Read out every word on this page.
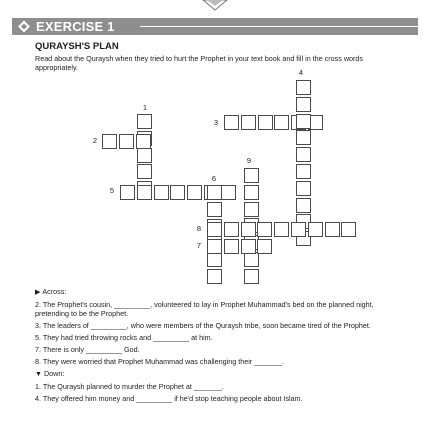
EXERCISE 1
QURAYSH'S PLAN
Read about the Quraysh when they tried to hurt the Prophet in your text book and fill in the cross words appropriately.
1
2
3
4
5
6
7
8
9
▶ Across:
2. The Prophet's cousin, _________, volunteered to lay in Prophet Muhammad's bed on the planned night, pretending to be the Prophet.
3. The leaders of _________, who were members of the Quraysh tribe, soon became tired of the Prophet.
5. They had tried throwing rocks and _________ at him.
7. There is only _________ God.
8. They were worried that Prophet Muhammad was challenging their _______.
▼ Down:
1. The Quraysh planned to murder the Prophet at _______.
4. They offered him money and _________ if he'd stop teaching people about Islam.
